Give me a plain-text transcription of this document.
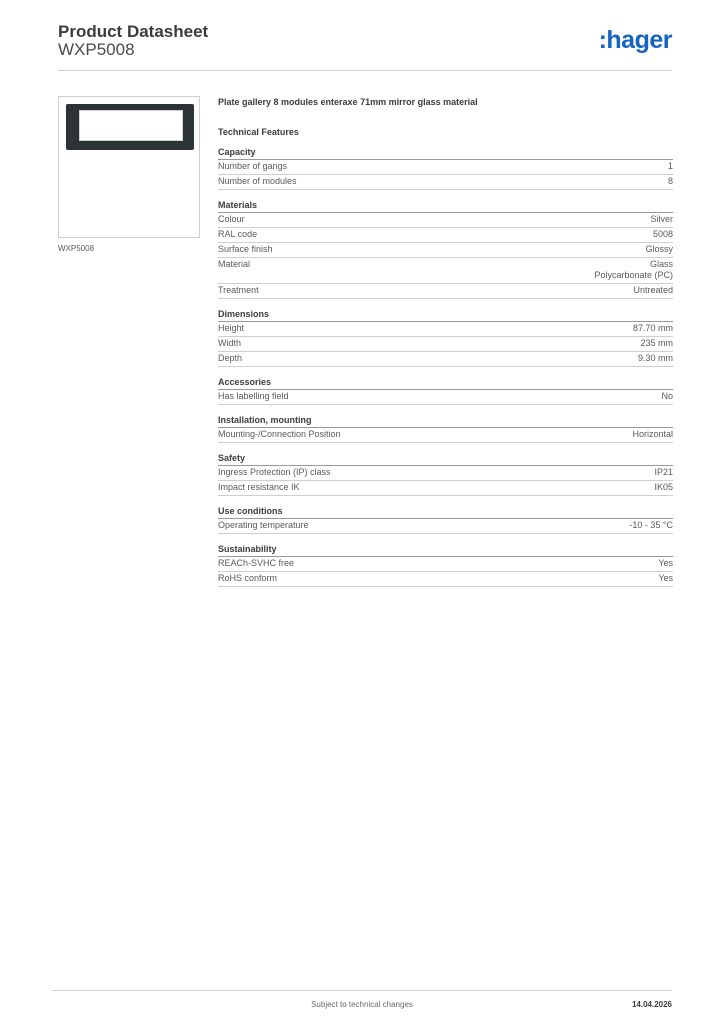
Product Datasheet
WXP5008	:hager
WXP5008
Plate gallery 8 modules enteraxe 71mm mirror glass material
Technical Features
Capacity
Number of gangs	1
Number of modules	8
Materials
Colour	Silver
RAL code	5008
Surface finish	Glossy
Material	Glass
Polycarbonate (PC)
Treatment	Untreated
Dimensions
Height	87.70 mm
Width	235 mm
Depth	9.30 mm
Accessories
Has labelling field	No
Installation, mounting
Mounting-/Connection Position	Horizontal
Safety
Ingress Protection (IP) class	IP21
Impact resistance IK	IK05
Use conditions
Operating temperature	-10 - 35 °C
Sustainability
REACh-SVHC free	Yes
RoHS conform	Yes
Subject to technical changes	14.04.2026
